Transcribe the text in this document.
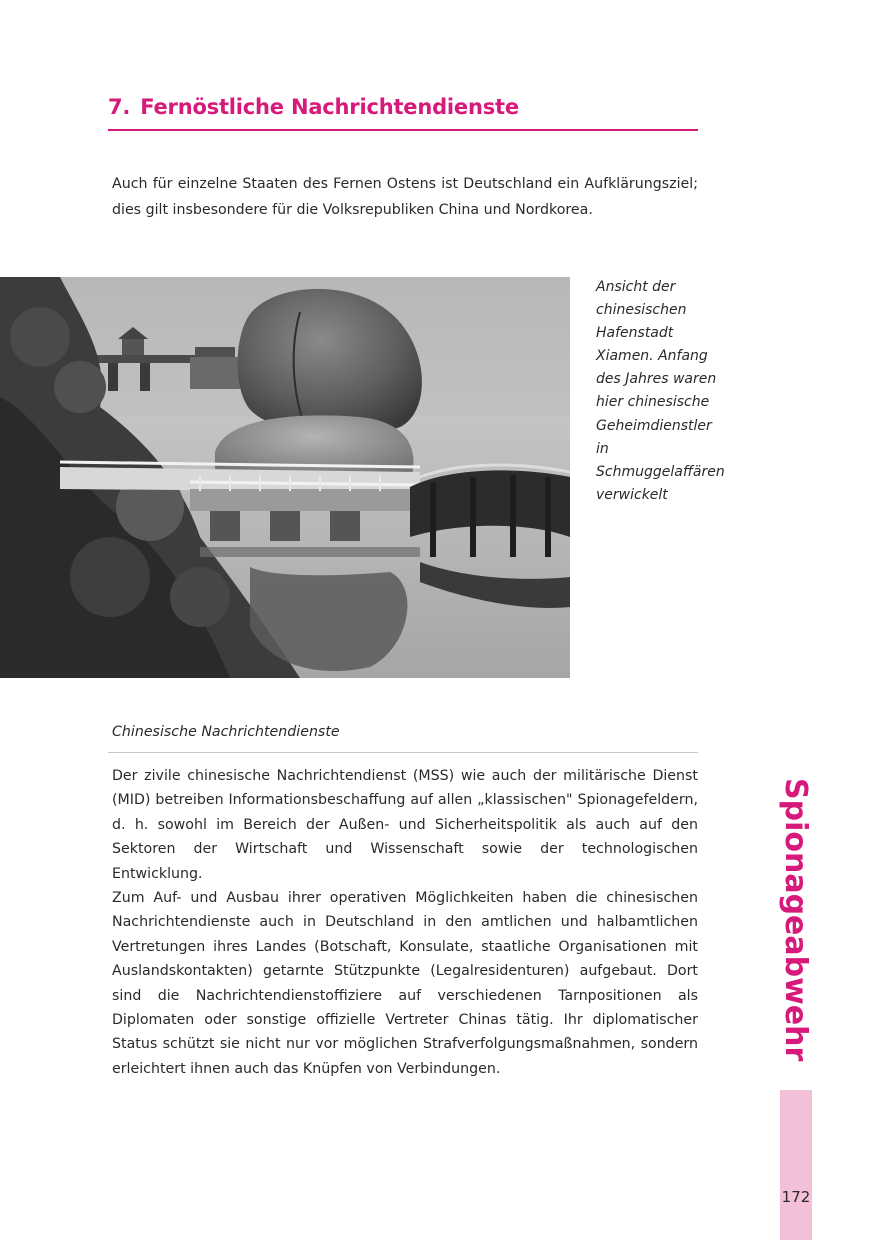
7. Fernöstliche Nachrichtendienste

Auch für einzelne Staaten des Fernen Ostens ist Deutschland ein Aufklärungsziel; dies gilt insbesondere für die Volksrepubliken China und Nordkorea.

Ansicht der chinesischen Hafenstadt Xiamen. Anfang des Jahres waren hier chinesische Geheimdienstler in Schmuggelaffären verwickelt

Chinesische Nachrichtendienste

Der zivile chinesische Nachrichtendienst (MSS) wie auch der militärische Dienst (MID) betreiben Informationsbeschaffung auf allen „klassischen" Spionagefeldern, d. h. sowohl im Bereich der Außen- und Sicherheitspolitik als auch auf den Sektoren der Wirtschaft und Wissenschaft sowie der technologischen Entwicklung.

Zum Auf- und Ausbau ihrer operativen Möglichkeiten haben die chinesischen Nachrichtendienste auch in Deutschland in den amtlichen und halbamtlichen Vertretungen ihres Landes (Botschaft, Konsulate, staatliche Organisationen mit Auslandskontakten) getarnte Stützpunkte (Legalresidenturen) aufgebaut. Dort sind die Nachrichtendienstoffiziere auf verschiedenen Tarnpositionen als Diplomaten oder sonstige offizielle Vertreter Chinas tätig. Ihr diplomatischer Status schützt sie nicht nur vor möglichen Strafverfolgungsmaßnahmen, sondern erleichtert ihnen auch das Knüpfen von Verbindungen.

Spionageabwehr
172
